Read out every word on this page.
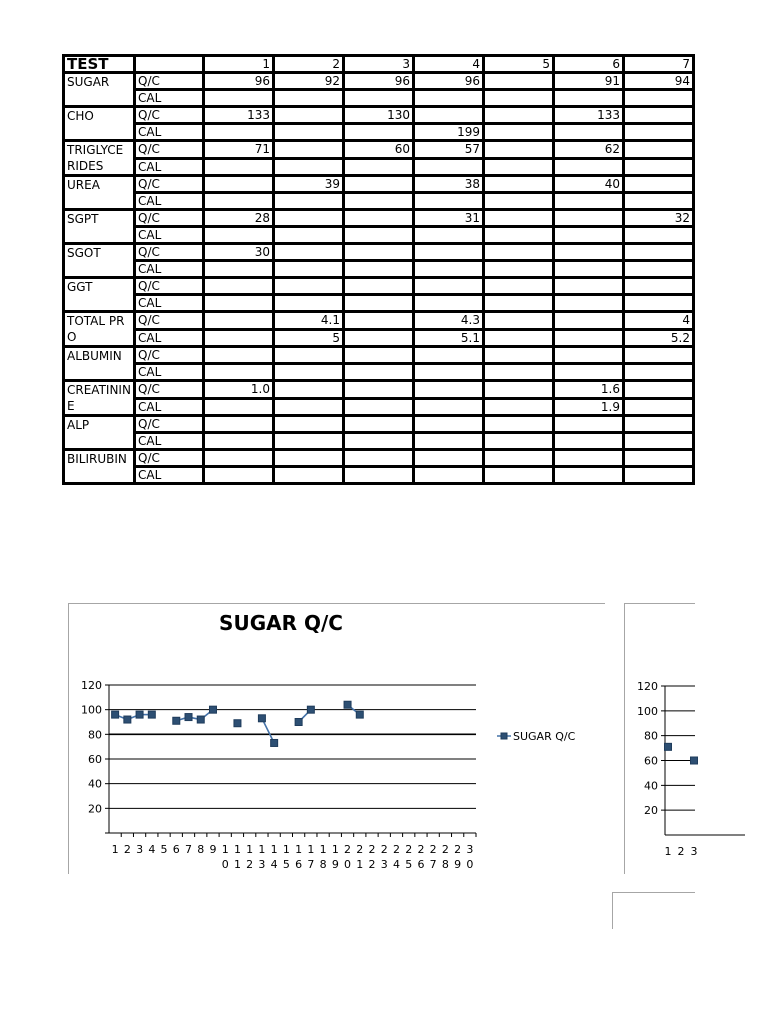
TEST		1	2	3	4	5	6	7
SUGAR	Q/C	96	92	96	96		91	94
	CAL							
CHO	Q/C	133		130			133	
	CAL				199			
TRIGLYCERIDES	Q/C	71		60	57		62	
	CAL							
UREA	Q/C		39		38		40	
	CAL							
SGPT	Q/C	28			31			32
	CAL							
SGOT	Q/C	30						
	CAL							
GGT	Q/C							
	CAL							
TOTAL PRO	Q/C		4.1		4.3			4
	CAL		5		5.1			5.2
ALBUMIN	Q/C							
	CAL							
CREATININE	Q/C	1.0					1.6	
	CAL						1.9	
ALP	Q/C							
	CAL							
BILIRUBIN	Q/C							
	CAL							
SUGAR Q/C
20
40
60
80
100
120
1 2 3 4 5 6 7 8 9 1 0
1 1
1 2
1 3
1 4
1 5
1 6
1 7
1 8
1 9
2 0
2 1
2 2
2 3
2 4
2 5
2 6
2 7
2 8
2 9
3 0
SUGAR Q/C
20
40
60
80
100
120
1 2 3
